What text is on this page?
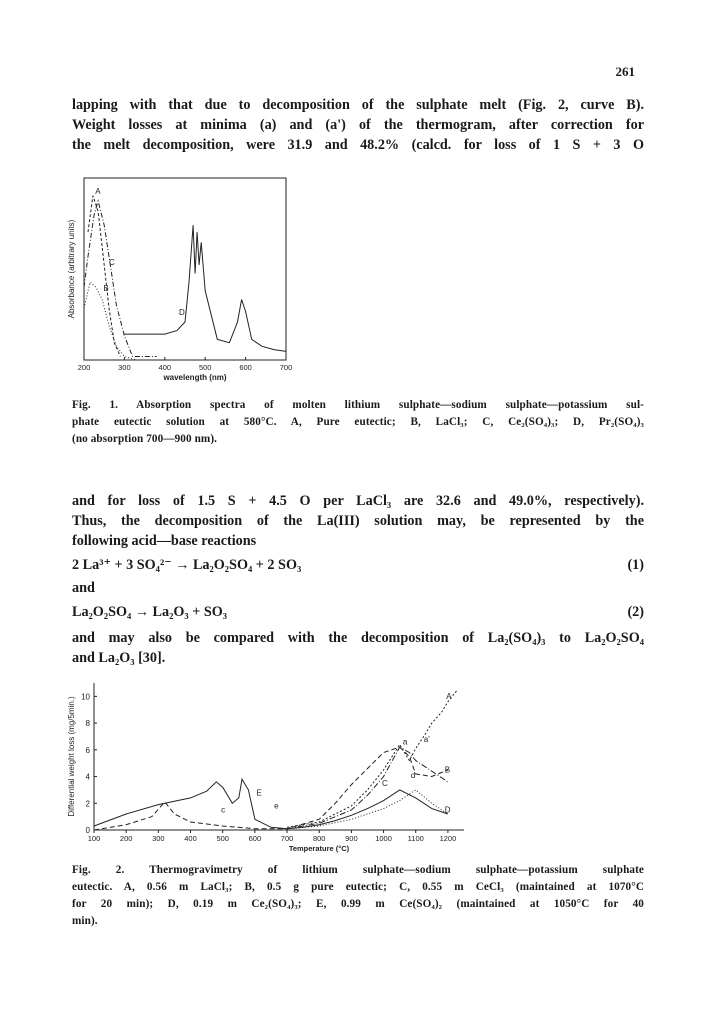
261
lapping with that due to decomposition of the sulphate melt (Fig. 2, curve B).
Weight losses at minima (a) and (a') of the thermogram, after correction for
the melt decomposition, were 31.9 and 48.2% (calcd. for loss of 1 S + 3 O
200	300	400	500	600	700
wavelength (nm)
Absorbance (arbitrary units)
A
B
C
D
Fig. 1. Absorption spectra of molten lithium sulphate—sodium sulphate—potassium sul-
phate eutectic solution at 580°C. A, Pure eutectic; B, LaCl₃; C, Ce₂(SO₄)₃; D, Pr₂(SO₄)₃
(no absorption 700—900 nm).
and for loss of 1.5 S + 4.5 O per LaCl₃ are 32.6 and 49.0%, respectively).
Thus, the decomposition of the La(III) solution may, be represented by the
following acid—base reactions
2 La³⁺ + 3 SO₄²⁻ → La₂O₂SO₄ + 2 SO₃	(1)
and
La₂O₂SO₄ → La₂O₃ + SO₃	(2)
and may also be compared with the decomposition of La₂(SO₄)₃ to La₂O₂SO₄
and La₂O₃ [30].
100	200	300	400	500	600	700	800	900 1000 1100 1200
0
2
4
6
8
10
Temperature (°C)
Differential weight loss (mg/5min.)	A
B
C
D
E
a a'
c
d
e
Fig. 2. Thermogravimetry of lithium sulphate—sodium sulphate—potassium sulphate
eutectic. A, 0.56 m LaCl₃; B, 0.5 g pure eutectic; C, 0.55 m CeCl₃ (maintained at 1070°C
for 20 min); D, 0.19 m Ce₂(SO₄)₃; E, 0.99 m Ce(SO₄)₂ (maintained at 1050°C for 40
min).
